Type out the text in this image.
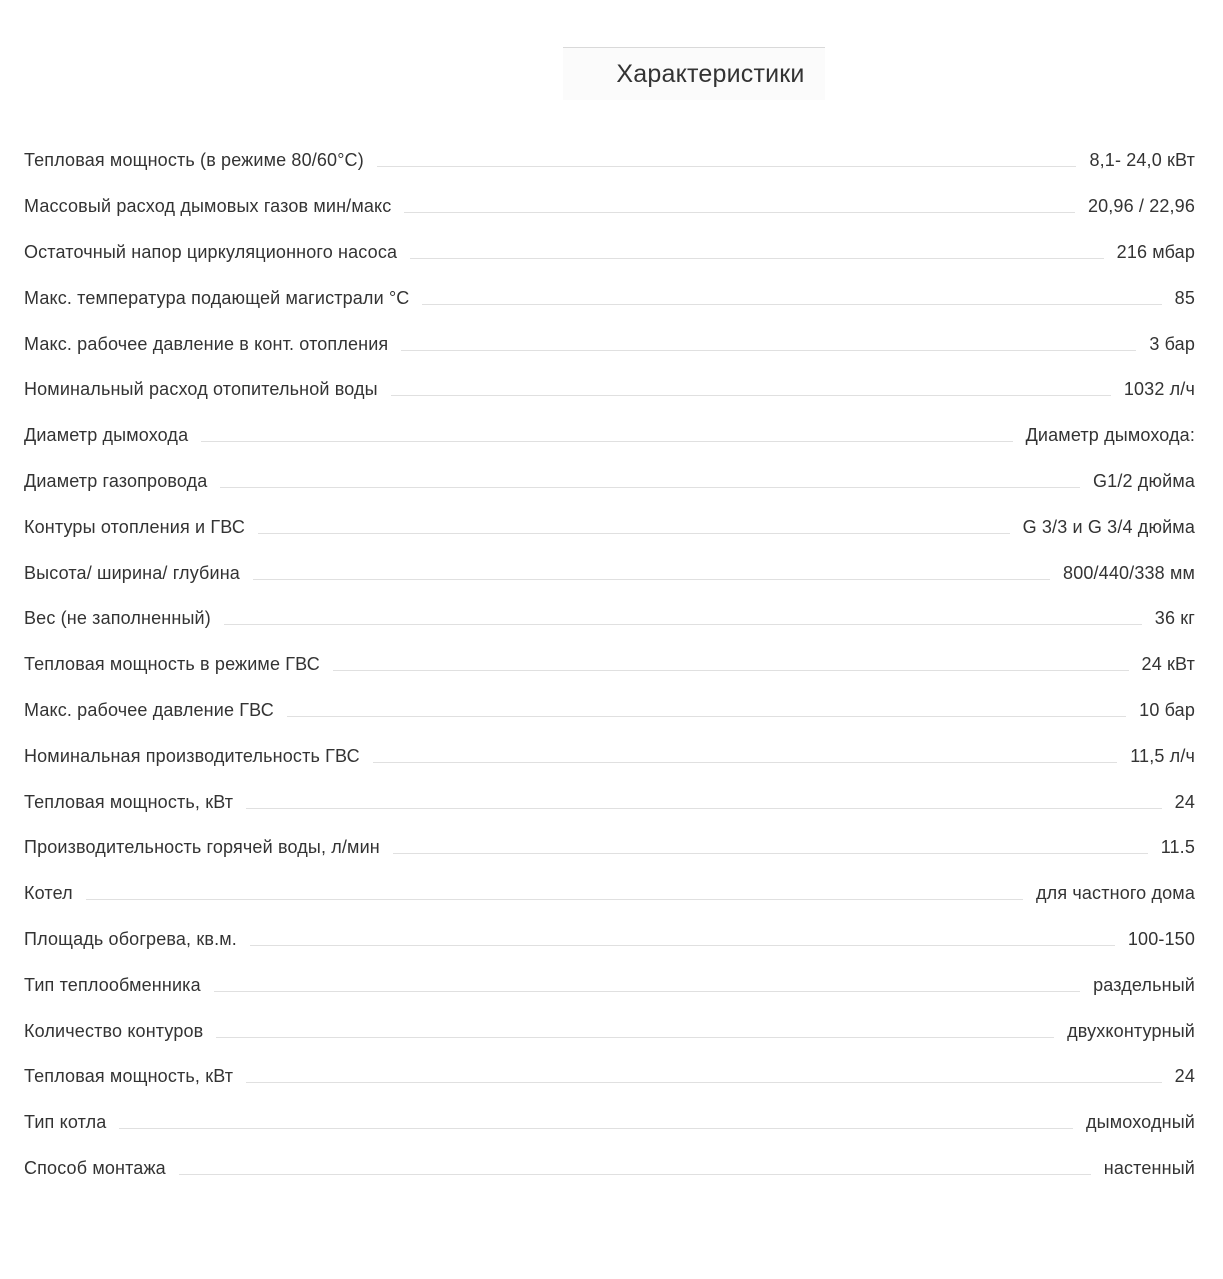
Характеристики
Тепловая мощность (в режиме 80/60°С)	8,1- 24,0 кВт
Массовый расход дымовых газов мин/макс	20,96 / 22,96
Остаточный напор циркуляционного насоса	216 мбар
Макс. температура подающей магистрали °С	85
Макс. рабочее давление в конт. отопления	3 бар
Номинальный расход отопительной воды	1032 л/ч
Диаметр дымохода	Диаметр дымохода:
Диаметр газопровода	G1/2 дюйма
Контуры отопления и ГВС	G 3/3 и G 3/4 дюйма
Высота/ ширина/ глубина	800/440/338 мм
Вес (не заполненный)	36 кг
Тепловая мощность в режиме ГВС	24 кВт
Макс. рабочее давление ГВС	10 бар
Номинальная производительность ГВС	11,5 л/ч
Тепловая мощность, кВт	24
Производительность горячей воды, л/мин	11.5
Котел	для частного дома
Площадь обогрева, кв.м.	100-150
Тип теплообменника	раздельный
Количество контуров	двухконтурный
Тепловая мощность, кВт	24
Тип котла	дымоходный
Способ монтажа	настенный
